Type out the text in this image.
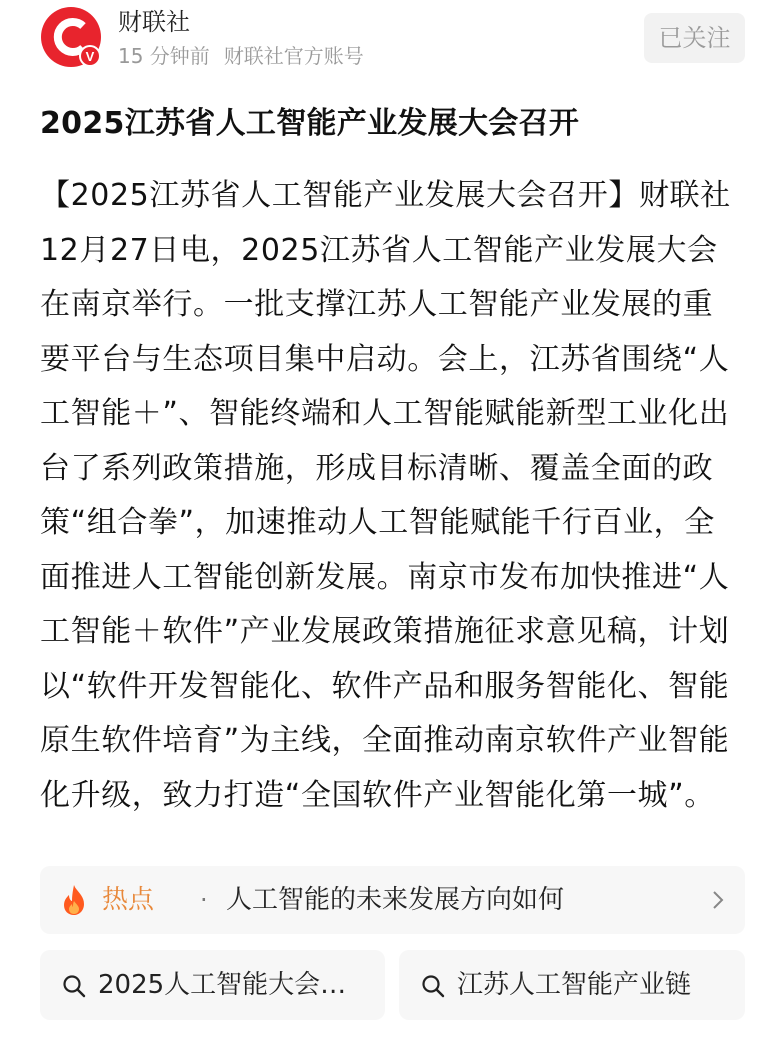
V
财联社
15 分钟前 财联社官方账号
已关注
2025江苏省人工智能产业发展大会召开

【2025江苏省人工智能产业发展大会召开】财联社12月27日电，2025江苏省人工智能产业发展大会在南京举行。一批支撑江苏人工智能产业发展的重要平台与生态项目集中启动。会上，江苏省围绕“人工智能＋”、智能终端和人工智能赋能新型工业化出台了系列政策措施，形成目标清晰、覆盖全面的政策“组合拳”，加速推动人工智能赋能千行百业，全面推进人工智能创新发展。南京市发布加快推进“人工智能＋软件”产业发展政策措施征求意见稿，计划以“软件开发智能化、软件产品和服务智能化、智能原生软件培育”为主线，全面推动南京软件产业智能化升级，致力打造“全国软件产业智能化第一城”。

热点 · 人工智能的未来发展方向如何
2025人工智能大会…	江苏人工智能产业链
